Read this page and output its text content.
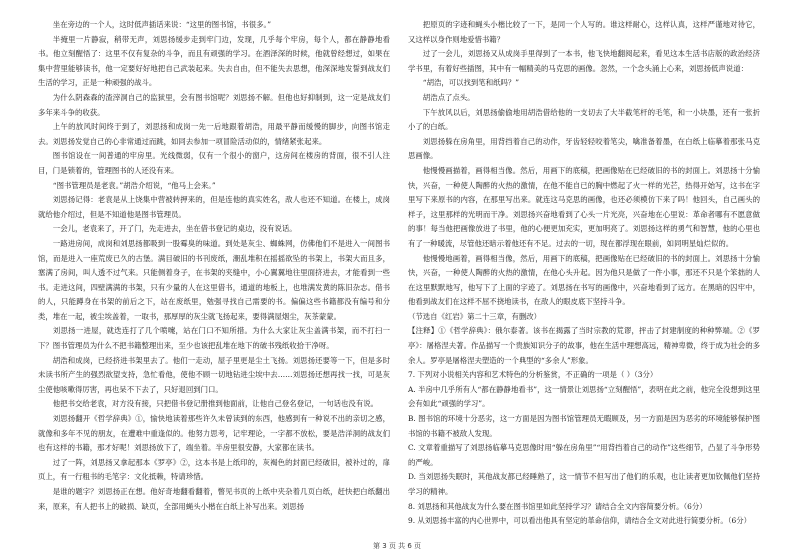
坐在旁边的一个人，这时低声插话来说：“这里的图书馆，书很多。”

半掩里一片静寂，稍带无声，刘思扬缓步走到牢门边，发现，几乎每个牢房，每个人，都在静静地看书。他立刻醒悟了：这里不仅有复杂的斗争，而且有顽强的学习。在酒泽深的时候，他就曾经想过，如果在集中营里能够读书，他一定要好好地把自己武装起来。失去自由，但不能失去思想，他深深地发誓到战友们生活的学习，正是一种顽强的战斗。

为什么阴森森的渣滓洞自己的监狱里，会有图书馆呢？刘思扬不解。但他也好抑制到，这一定是战友们多年来斗争的收获。

上午的放风时间终于到了，刘思扬和成岗一先一后地跟着胡浩，用最平静而缓慢的脚步，向图书馆走去。刘思扬发觉自己的心非常通过而跳，如同去参加一项冒险活动似的，情绪紧张起来。

图书馆设在一间普通的牢房里。光线微弱，仅有一个很小的窗户，这房间在楼房的背面，很不引人注目，门是锁着的，管理图书的人还没有来。

“图书管理员是老袁。”胡浩介绍说，“他马上会来。”

刘思扬记得：老袁是从上饶集中营被转押来的，但是连他的真实姓名，敌人也还不知道。在楼上，成岗就给他介绍过，但是不知道他是图书管理员。

一会儿，老袁来了，开了门，先走进去，坐在借书登记的桌边，没有说话。

一路进房间，成岗和刘思扬都吸到一股霉臭的味道。到处是灰尘、蜘蛛网，仿佛他们不是进入一间图书馆，而是进入一座荒废已久的古堡。满目破旧的书刊废纸，潮乱堆积在摇摇欲坠的书架上，书架大而且多，塞满了房间，叫人透不过气来。只能侧着身子，在书架的夹缝中，小心翼翼地往里面挤进去，才能看到一些书。走进这间，四壁满满的书架，只有少量的人在这里借书，通道的地板上，也堆满发黄的陈旧杂志。借书的人，只能蹲身在书架的前后之下，站在废纸里，勉强寻找自己需要的书。偏偏这些书籍都没有编号和分类，堆在一起，被尘埃盖着，一取书，那厚厚的灰尘就飞扬起来，要得满屋烟尘，灰茶蒙蒙。

刘思扬一进屋，就迭连打了几个喷嚏，站在门口不知所措。为什么大家让灰尘盖满书架，而不打扫一下？图书管理员为什么不把书籍整理出来，至少也该把乱堆在地下的破书残纸收拾干净呀。

胡浩和成岗，已经挤进书架里去了。他们一走动，屋子里更是尘土飞扬。刘思扬还要等一下，但是多时未读书所产生的强烈欲望支持，急忙看他，使他不顾一切地钻进尘埃中去……刘思扬还想再找一找，可是灰尘使他咳嗽得厉害，再也呆不下去了，只好退回到门口。

他把书交给老袁，对方没有接，只把借书登记册推到他面前，让他自己登名登记，一句话也没有说。

刘思扬翻开《哲学辞典》①，愉快地读着那些许久未曾读到的东西，他感到有一种说不出的亲切之感，就像和多年不见的朋友，在遭难中重逢似的。他努力思考，记牢理论，一字都不放松，要是浩洋洞的战友们也有这样的书籍，那才好呢！刘思扬放下了，端坐着。半房里很安静，大家都在读书。

过了一阵，刘思扬又拿起那本《罗亭》②，这本书是上纸印的，灰褐色的封面已经破旧，被补过的，扉页上，有一行粗书的毛笔字：文化抵赖，特请珍惜。

是谁的题字？刘思扬正在想。他好奇地翻看翻着，瞥见书页的上纸中夹杂着几页白纸，赶快把白纸翻出来，原来，有人把书上的破损、缺页，全部用蝇头小楷在白纸上补写出来。刘思扬

把原页的字迹和蝇头小楷比较了一下，是同一个人写的。谁这样耐心，这样认真，这样严谨地对待它，又这样以身作则地爱惜书籍？

过了一会儿，刘思扬又从成岗手里得到了一本书，他飞快地翻阅起来，看见这本生活书店版的政治经济学书里，有着好些插图，其中有一幅精美的马克思的画像。忽然，一个念头涌上心来，刘思扬低声说道：

“胡浩，可以找到笔和纸吗？”

胡浩点了点头。

下午放风以后，刘思扬偷偷地用胡浩借给他的一支切去了大半截笔杆的毛笔，和一小块墨，还有一张折小了的白纸。

刘思扬躲在房角里，用背挡着自己的动作，牙齿轻轻咬着笔尖，噙准备着墨，在白纸上临摹着那张马克思画像。

他慢慢画描着，画得相当像。然后，用画下的底稿，把画像贴在已经破旧的书的封面上。刘思扬十分愉快，兴奋，一种使人陶醉的火热的激情，在他不能自已的胸中燃起了火一样的光芒，热得开始写，这书在字里写下来原书的内容，在那里写出来。就连这马克思的画像，也还必须模仿下来了吗！他回头，自己画头的样子，这里那样的光明而干净。刘思扬兴奋地看到了心头一片光亮，兴奋地在心里说：革命者哪有不愿意做的事！每当他把画像放进了书里，他的心便更加充实，更加明亮了。刘思扬这样的勇气和智慧，他的心里也有了一种暖流，尽管他还暗示着他还有不足。过去的一切，现在都浮现在眼前，如同明星灿烂似的。

他慢慢地画着，画得相当像，然后，用画下的底稿，把画像贴在已经破旧的书的封面上。刘思扬十分愉快，兴奋，一种使人陶醉的火热的激情，在他心头升起。因为他只是做了一件小事，那还不只是个笨拙的人在这里默默地写，他写下了上面的字迹了。刘思扬在书写的画像中，兴奋地看到了远方。在黑暗的囚牢中，他看到战友们在这样不屈不挠地读书，在敌人的眼皮底下坚持斗争。

（节选自《红岩》第二十三章，有删改）

【注释】①《哲学辞典》：俄尔泰著。该书在揭露了当时宗教的荒谬，抨击了封建制度的种种弊端。②《罗亭》：屠格涅夫著。作品描写一个贵族知识分子的故事，他在生活中理想高远，精神卑微，终于成为社会的多余人。罗亭是屠格涅夫塑造的一个典型的“多余人”形象。

7. 下列对小说相关内容和艺术特色的分析鉴赏，不正确的一项是（ ）（3分）

A. 半房中几乎所有人“都在静静地看书”，这一情景让刘思扬“立刻醒悟”，表明在此之前，他完全没想到这里会有如此“顽强的学习”。

B. 图书馆的环境十分恶劣，这一方面是因为图书馆管理员无暇顾及，另一方面是因为恶劣的环境能够保护图书馆的书籍不被敌人发现。

C. 文章着重描写了刘思扬临摹马克思像时用“躲在房角里”“用背挡着自己的动作”这些细节，凸显了斗争形势的严峻。

D. 当刘思扬失眠时，其他战友都已经睡熟了，这一情节不但写出了他们的乐观，也让读者更加钦佩他们坚持学习的精神。

8. 刘思扬和其他战友为什么要在图书馆里如此坚持学习？请结合全文内容简要分析。（6分）

9. 从刘思扬丰富的内心世界中，可以看出他具有坚定的革命信仰，请结合全文对此进行简要分析。（6分）

第 3 页 共 6 页
